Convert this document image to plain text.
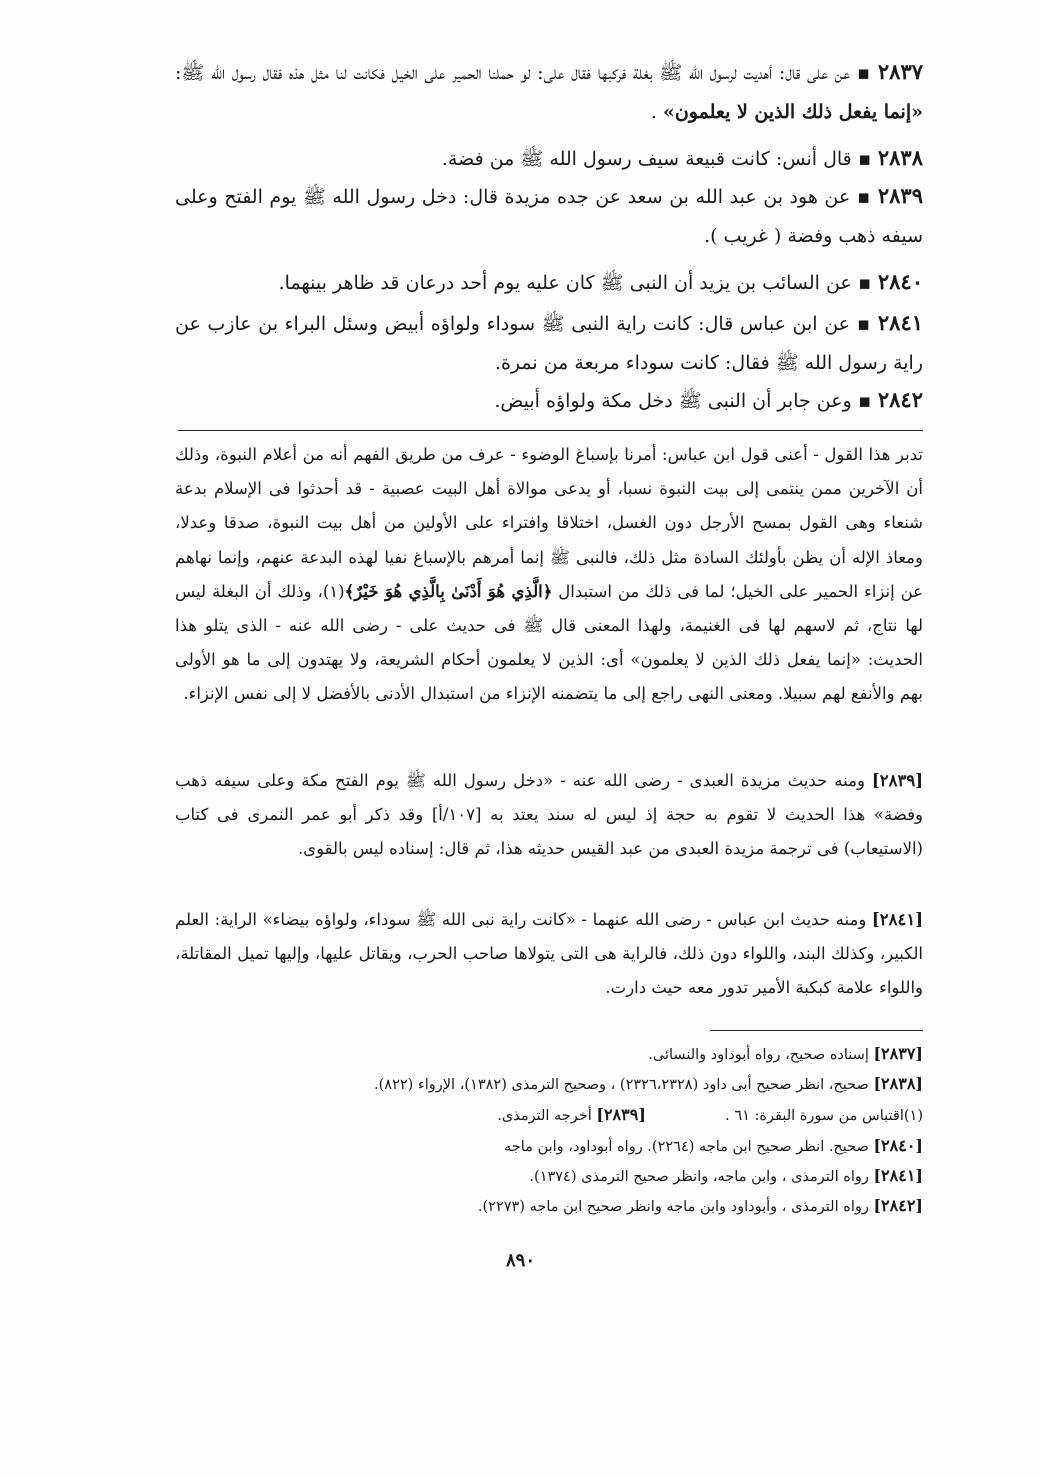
٢٨٣٧ ▪ عن على قال: أهديت لرسول الله ﷺ بغلة فركبها فقال على: لو حملنا الحمير على الخيل فكانت لنا مثل هذه فقال رسول الله ﷺ: «إنما يفعل ذلك الذين لا يعلمون» .
٢٨٣٨ ▪ قال أنس: كانت قبيعة سيف رسول الله ﷺ من فضة.
٢٨٣٩ ▪ عن هود بن عبد الله بن سعد عن جده مزيدة قال: دخل رسول الله ﷺ يوم الفتح وعلى سيفه ذهب وفضة ( غريب ).
٢٨٤٠ ▪ عن السائب بن يزيد أن النبى ﷺ كان عليه يوم أحد درعان قد ظاهر بينهما.
٢٨٤١ ▪ عن ابن عباس قال: كانت راية النبى ﷺ سوداء ولواؤه أبيض وسئل البراء بن عازب عن راية رسول الله ﷺ فقال: كانت سوداء مربعة من نمرة.
٢٨٤٢ ▪ وعن جابر أن النبى ﷺ دخل مكة ولواؤه أبيض.
تدبر هذا القول - أعنى قول ابن عباس: أمرنا بإسباغ الوضوء - عرف من طريق الفهم أنه من أعلام النبوة، وذلك أن الآخرين ممن ينتمى إلى بيت النبوة نسبا، أو يدعى موالاة أهل البيت عصبية - قد أحدثوا فى الإسلام بدعة شنعاء وهى القول بمسح الأرجل دون الغسل، اختلاقا وافتراء على الأولين من أهل بيت النبوة، صدقا وعدلا، ومعاذ الإله أن يظن بأولئك السادة مثل ذلك، فالنبى ﷺ إنما أمرهم بالإسباغ نفيا لهذه البدعة عنهم، وإنما نهاهم عن إنزاء الحمير على الخيل؛ لما فى ذلك من استبدال ﴿الَّذِي هُوَ أَدْنَىٰ بِالَّذِي هُوَ خَيْرٌ﴾(١)، وذلك أن البغلة ليس لها نتاج، ثم لاسهم لها فى الغنيمة، ولهذا المعنى قال ﷺ فى حديث على - رضى الله عنه - الذى يتلو هذا الحديث: «إنما يفعل ذلك الذين لا يعلمون» أى: الذين لا يعلمون أحكام الشريعة، ولا يهتدون إلى ما هو الأولى بهم والأنفع لهم سبيلا. ومعنى النهى راجع إلى ما يتضمنه الإنزاء من استبدال الأدنى بالأفضل لا إلى نفس الإنزاء.
[٢٨٣٩] ومنه حديث مزيدة العبدى - رضى الله عنه - «دخل رسول الله ﷺ يوم الفتح مكة وعلى سيفه ذهب وفضة» هذا الحديث لا تقوم به حجة إذ ليس له سند يعتد به [١٠٧/أ] وقد ذكر أبو عمر النمرى فى كتاب (الاستيعاب) فى ترجمة مزيدة العبدى من عبد القيس حديثه هذا، ثم قال: إسناده ليس بالقوى.
[٢٨٤١] ومنه حديث ابن عباس - رضى الله عنهما - «كانت راية نبى الله ﷺ سوداء، ولواؤه بيضاء» الراية: العلم الكبير، وكذلك البند، واللواء دون ذلك، فالراية هى التى يتولاها صاحب الحرب، ويقاتل عليها، وإليها تميل المقاتلة، واللواء علامة كبكبة الأمير تدور معه حيث دارت.
[٢٨٣٧] إسناده صحيح، رواه أبوداود والنسائى.
[٢٨٣٨] صحيح، انظر صحيح أبى داود (٢٣٢٦،٢٣٢٨) ، وصحيح الترمذى (١٣٨٢)، الإرواء (٨٢٢).
(١)اقتباس من سورة البقرة: ٦١ .  [٢٨٣٩] أخرجه الترمذى.
[٢٨٤٠] صحيح. انظر صحيح ابن ماجه (٢٢٦٤). رواه أبوداود، وابن ماجه
[٢٨٤١] رواه الترمذى ، وابن ماجه، وانظر صحيح الترمذى (١٣٧٤).
[٢٨٤٢] رواه الترمذى ، وأبوداود وابن ماجه وانظر صحيح ابن ماجه (٢٢٧٣).
٨٩٠
